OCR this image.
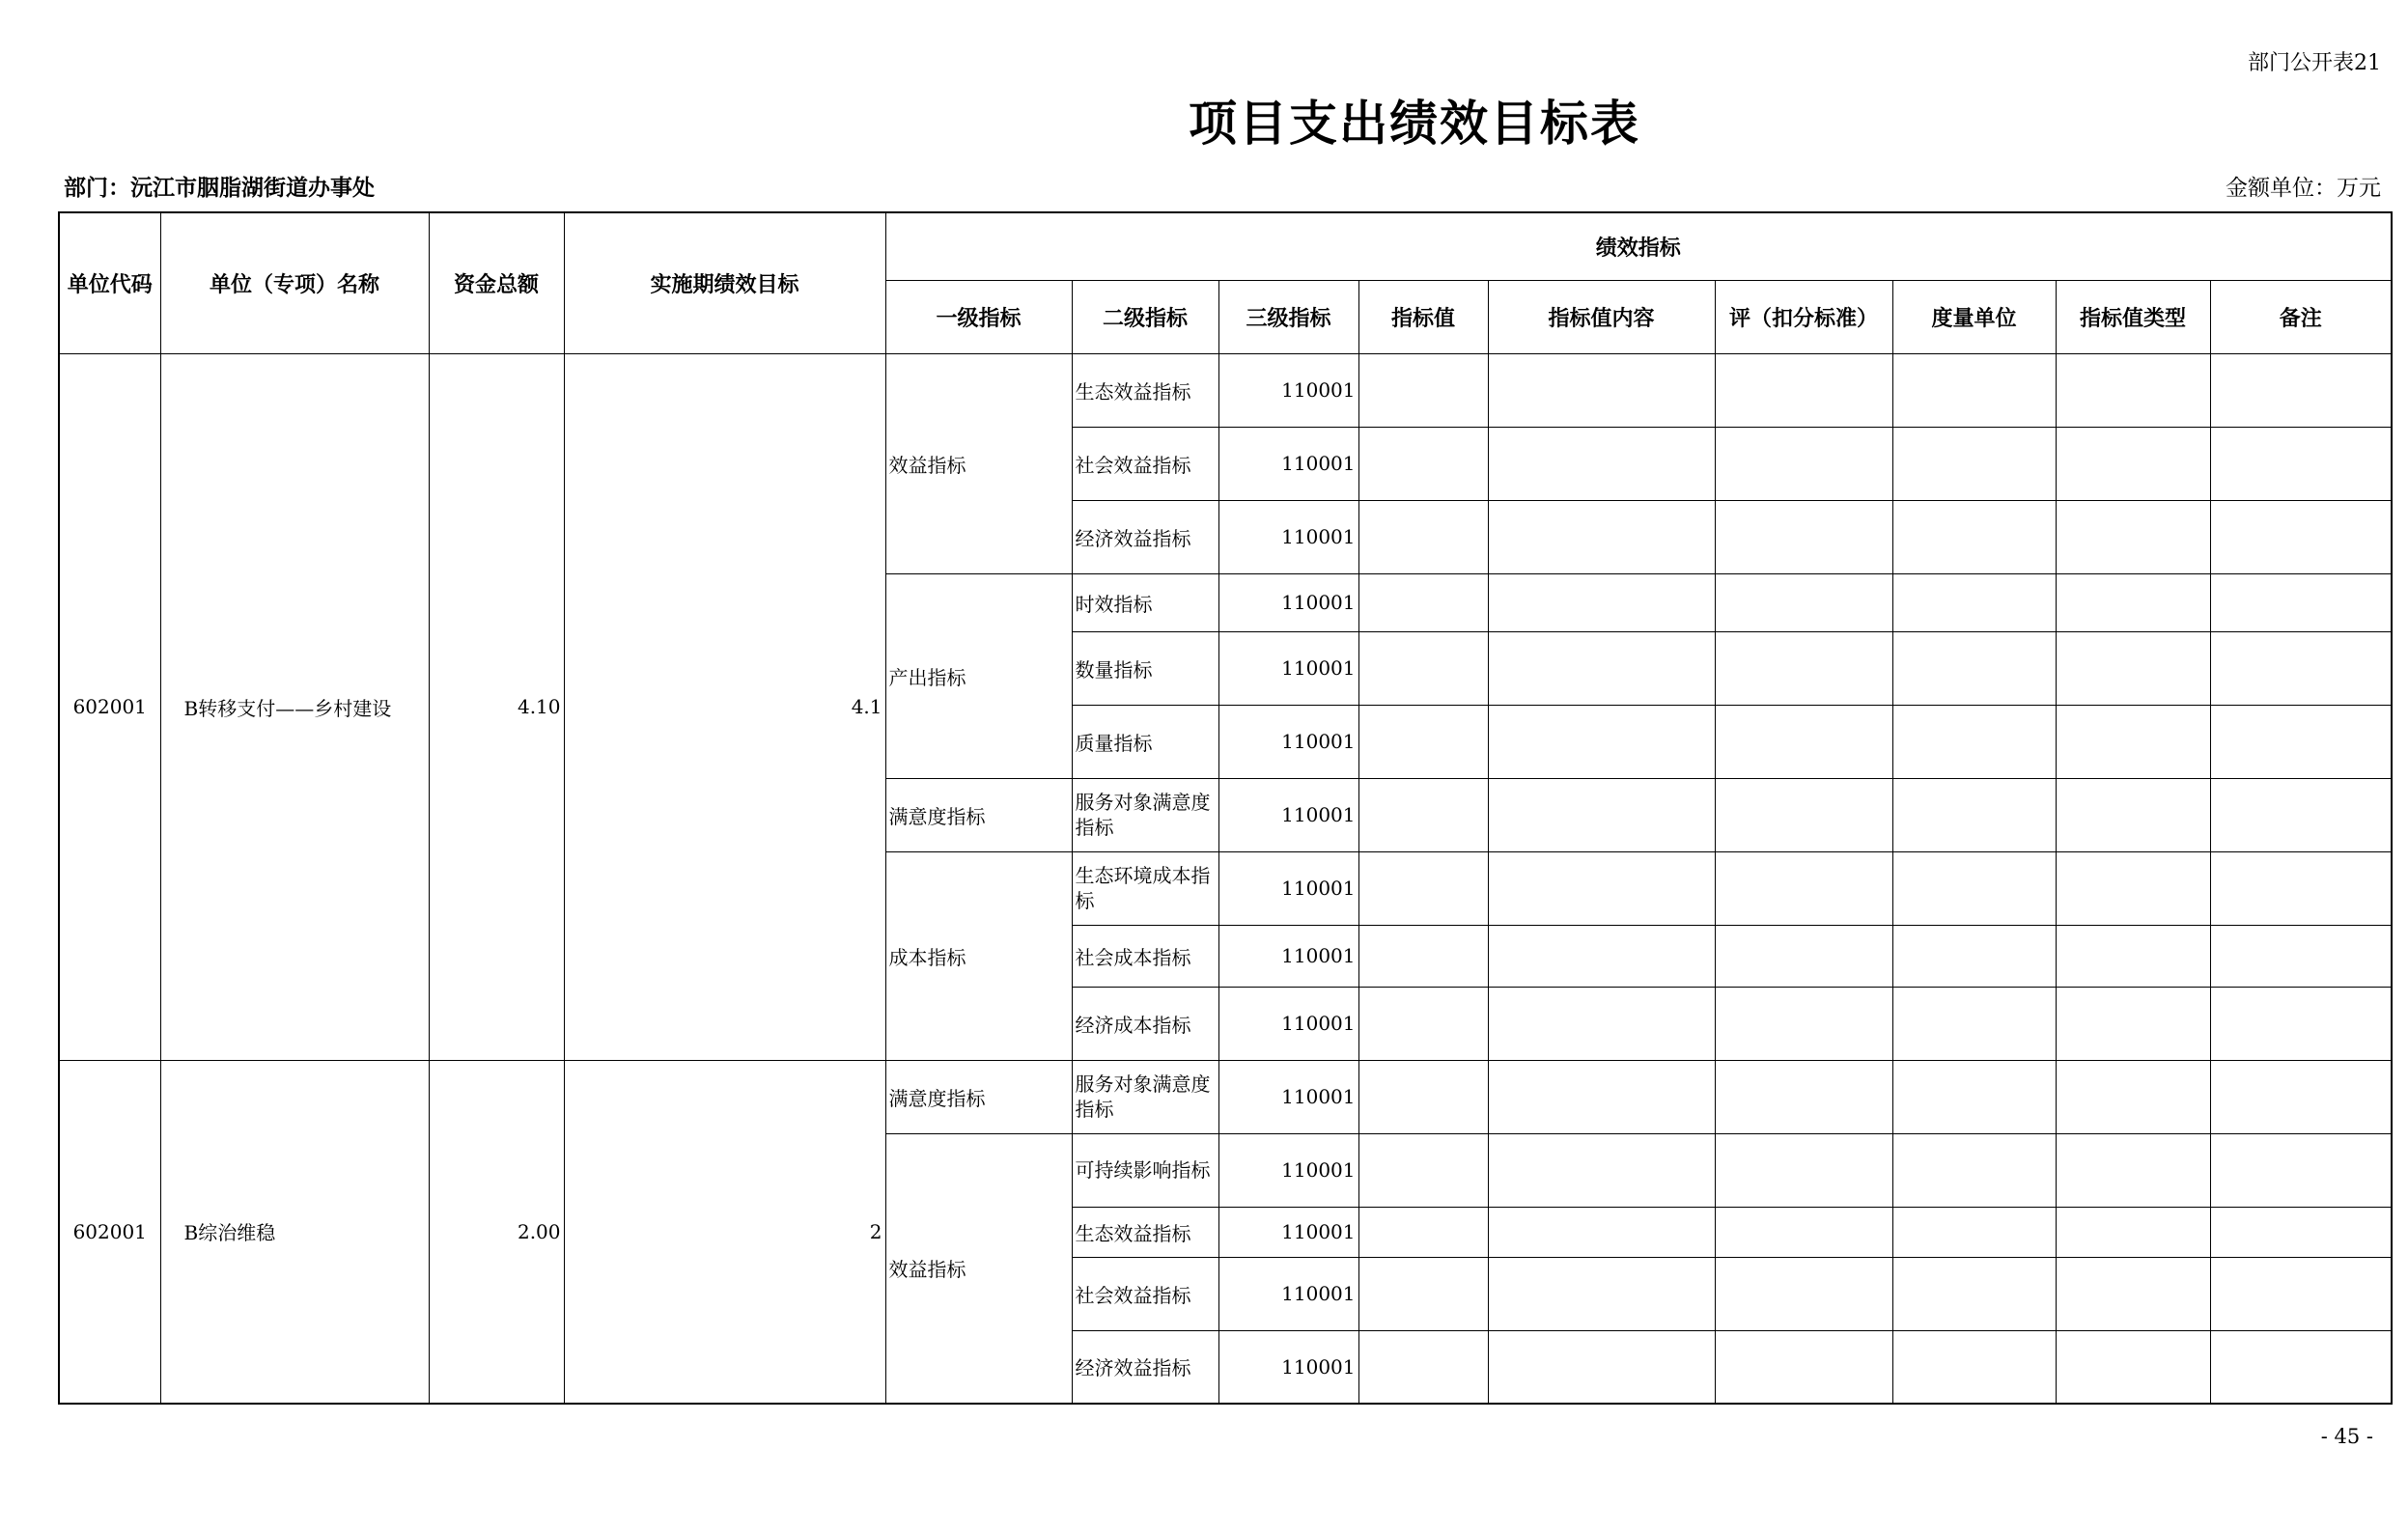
部门公开表21
项目支出绩效目标表
部门：沅江市胭脂湖街道办事处	金额单位：万元
单位代码	单位（专项）名称	资金总额	实施期绩效目标	绩效指标								
				一级指标	二级指标	三级指标	指标值	指标值内容	评（扣分标准）	度量单位	指标值类型	备注
602001	B转移支付——乡村建设	4.10	4.1	效益指标	生态效益指标	110001						
					社会效益指标	110001						
					经济效益指标	110001						
				产出指标	时效指标	110001						
					数量指标	110001						
					质量指标	110001						
				满意度指标	服务对象满意度指标	110001						
				成本指标	生态环境成本指标	110001						
					社会成本指标	110001						
					经济成本指标	110001						
602001	B综治维稳	2.00	2	满意度指标	服务对象满意度指标	110001						
				效益指标	可持续影响指标	110001						
					生态效益指标	110001						
					社会效益指标	110001						
					经济效益指标	110001						
- 45 -
